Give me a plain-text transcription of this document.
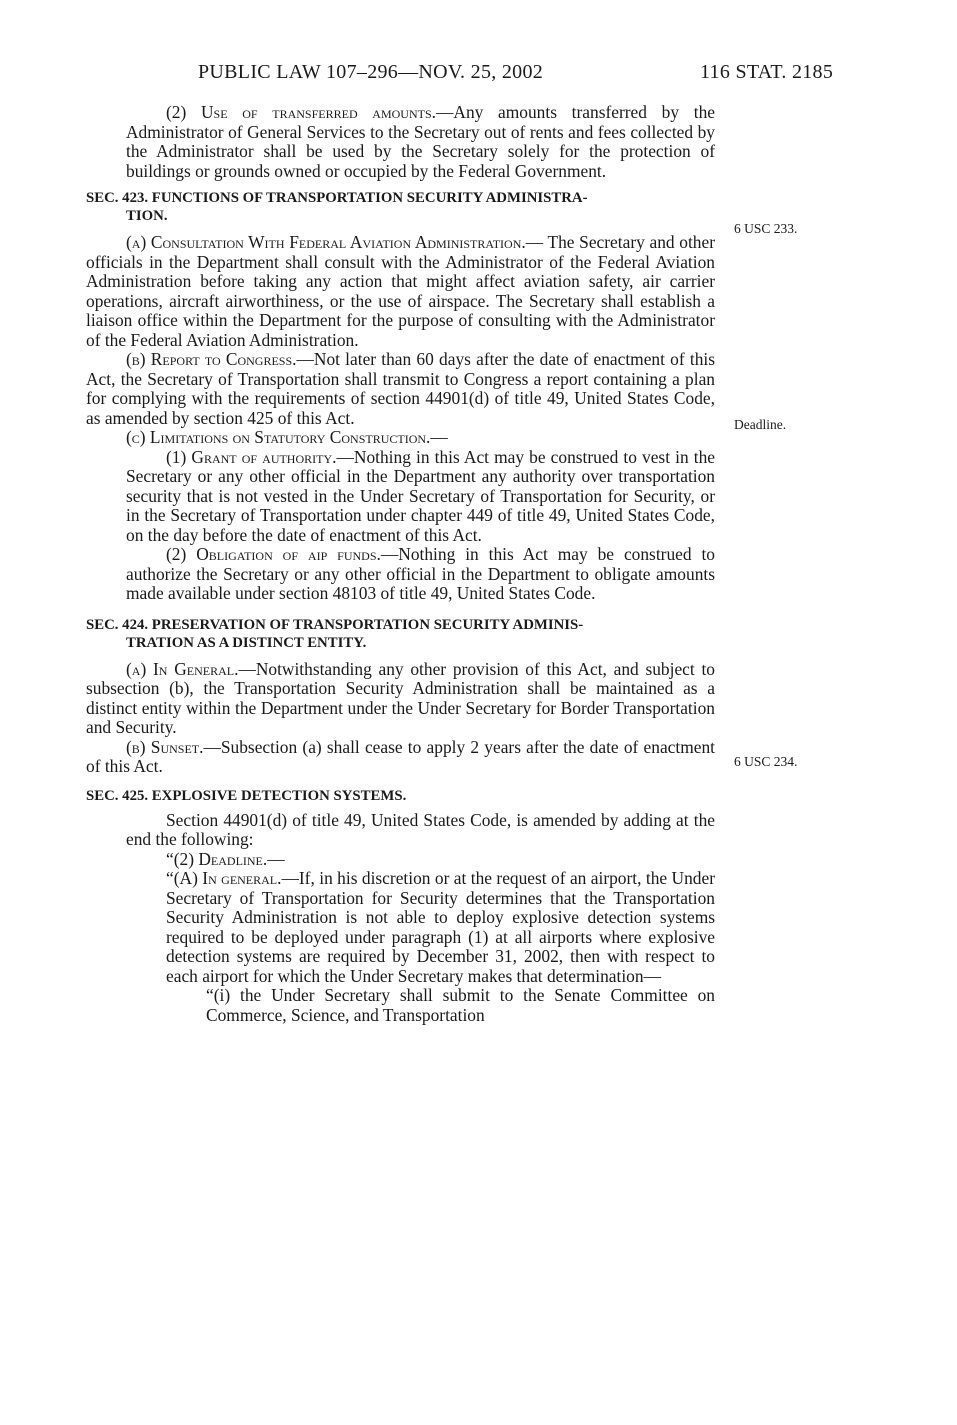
PUBLIC LAW 107–296—NOV. 25, 2002	116 STAT. 2185
6 USC 233.
Deadline.
6 USC 234.

(2) Use of transferred amounts.—Any amounts transferred by the Administrator of General Services to the Secretary out of rents and fees collected by the Administrator shall be used by the Secretary solely for the protection of buildings or grounds owned or occupied by the Federal Government.

SEC. 423. FUNCTIONS OF TRANSPORTATION SECURITY ADMINISTRA-
TION.

(a) Consultation With Federal Aviation Administration.— The Secretary and other officials in the Department shall consult with the Administrator of the Federal Aviation Administration before taking any action that might affect aviation safety, air carrier operations, aircraft airworthiness, or the use of airspace. The Secretary shall establish a liaison office within the Department for the purpose of consulting with the Administrator of the Federal Aviation Administration.

(b) Report to Congress.—Not later than 60 days after the date of enactment of this Act, the Secretary of Transportation shall transmit to Congress a report containing a plan for complying with the requirements of section 44901(d) of title 49, United States Code, as amended by section 425 of this Act.

(c) Limitations on Statutory Construction.—

(1) Grant of authority.—Nothing in this Act may be construed to vest in the Secretary or any other official in the Department any authority over transportation security that is not vested in the Under Secretary of Transportation for Security, or in the Secretary of Transportation under chapter 449 of title 49, United States Code, on the day before the date of enactment of this Act.

(2) Obligation of aip funds.—Nothing in this Act may be construed to authorize the Secretary or any other official in the Department to obligate amounts made available under section 48103 of title 49, United States Code.

SEC. 424. PRESERVATION OF TRANSPORTATION SECURITY ADMINIS-
TRATION AS A DISTINCT ENTITY.

(a) In General.—Notwithstanding any other provision of this Act, and subject to subsection (b), the Transportation Security Administration shall be maintained as a distinct entity within the Department under the Under Secretary for Border Transportation and Security.

(b) Sunset.—Subsection (a) shall cease to apply 2 years after the date of enactment of this Act.

SEC. 425. EXPLOSIVE DETECTION SYSTEMS.

Section 44901(d) of title 49, United States Code, is amended by adding at the end the following:

“(2) Deadline.—

“(A) In general.—If, in his discretion or at the request of an airport, the Under Secretary of Transportation for Security determines that the Transportation Security Administration is not able to deploy explosive detection systems required to be deployed under paragraph (1) at all airports where explosive detection systems are required by December 31, 2002, then with respect to each airport for which the Under Secretary makes that determination—

“(i) the Under Secretary shall submit to the Senate Committee on Commerce, Science, and Transportation
